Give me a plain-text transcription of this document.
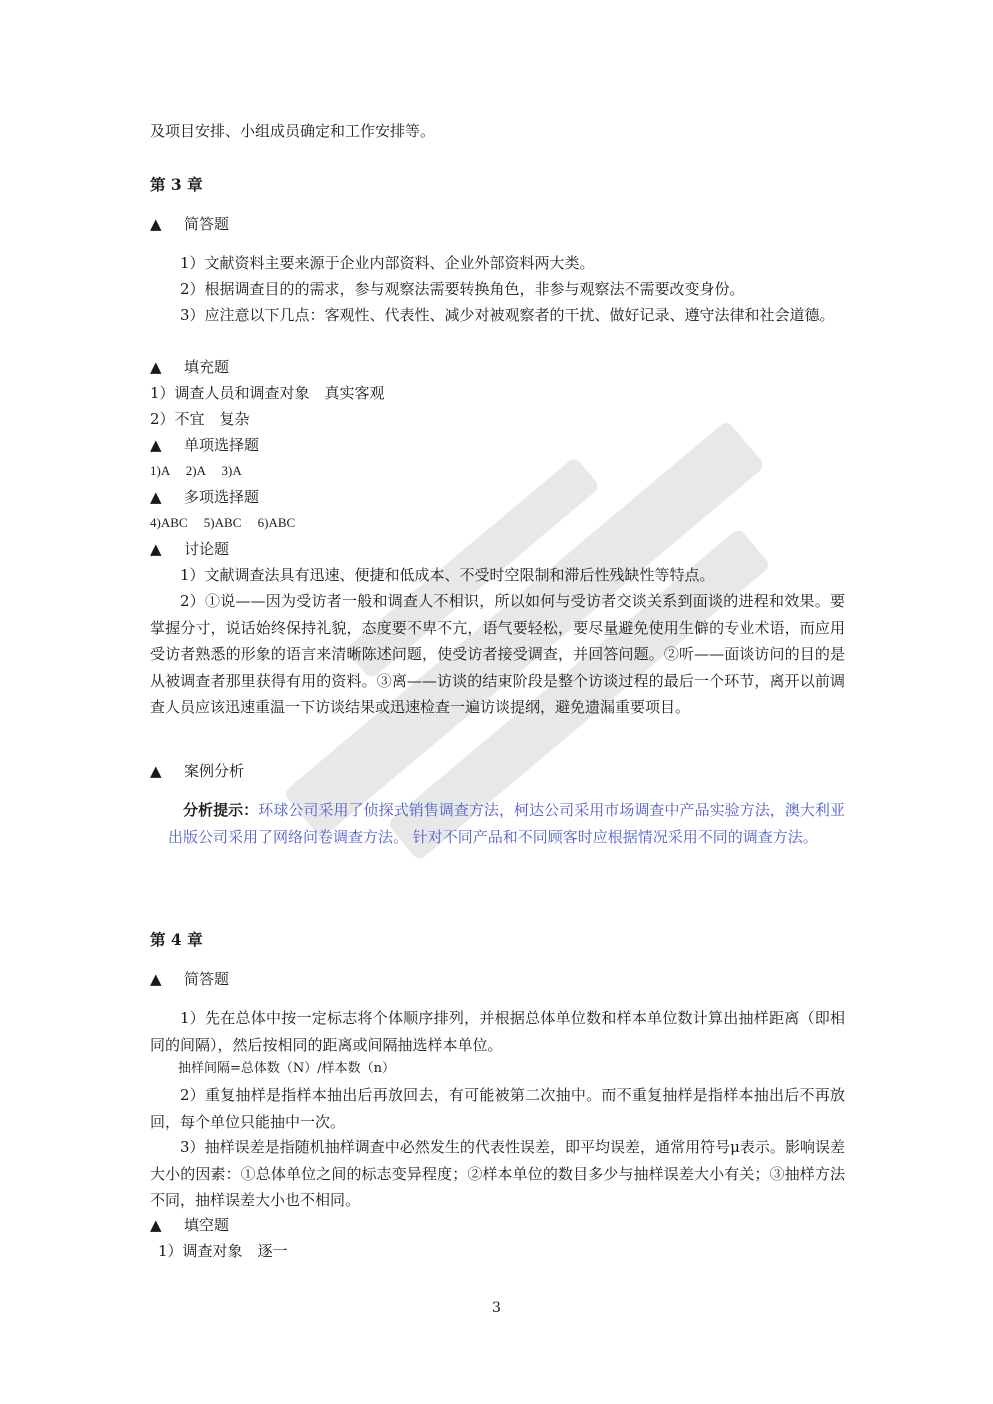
及项目安排、小组成员确定和工作安排等。
第 3 章
▲ 简答题
1）文献资料主要来源于企业内部资料、企业外部资料两大类。
2）根据调查目的的需求，参与观察法需要转换角色，非参与观察法不需要改变身份。
3）应注意以下几点：客观性、代表性、减少对被观察者的干扰、做好记录、遵守法律和社会道德。
▲ 填充题
1）调查人员和调查对象　真实客观
2）不宜　复杂
▲ 单项选择题
1)A　 2)A　 3)A
▲ 多项选择题
4)ABC　 5)ABC　 6)ABC
▲ 讨论题
1）文献调查法具有迅速、便捷和低成本、不受时空限制和滞后性残缺性等特点。
2）①说——因为受访者一般和调查人不相识，所以如何与受访者交谈关系到面谈的进程和效果。要掌握分寸，说话始终保持礼貌，态度要不卑不亢，语气要轻松，要尽量避免使用生僻的专业术语，而应用受访者熟悉的形象的语言来清晰陈述问题，使受访者接受调查，并回答问题。②听——面谈访问的目的是从被调查者那里获得有用的资料。③离——访谈的结束阶段是整个访谈过程的最后一个环节，离开以前调查人员应该迅速重温一下访谈结果或迅速检查一遍访谈提纲，避免遗漏重要项目。
▲ 案例分析
分析提示：环球公司采用了侦探式销售调查方法，柯达公司采用市场调查中产品实验方法，澳大利亚出版公司采用了网络问卷调查方法。 针对不同产品和不同顾客时应根据情况采用不同的调查方法。
第 4 章
▲ 简答题
1）先在总体中按一定标志将个体顺序排列，并根据总体单位数和样本单位数计算出抽样距离（即相同的间隔），然后按相同的距离或间隔抽选样本单位。
抽样间隔=总体数（N）/样本数（n）
2）重复抽样是指样本抽出后再放回去，有可能被第二次抽中。而不重复抽样是指样本抽出后不再放回，每个单位只能抽中一次。
3）抽样误差是指随机抽样调查中必然发生的代表性误差，即平均误差，通常用符号μ表示。影响误差大小的因素：①总体单位之间的标志变异程度；②样本单位的数目多少与抽样误差大小有关；③抽样方法不同，抽样误差大小也不相同。
▲ 填空题
1）调查对象　逐一
3
